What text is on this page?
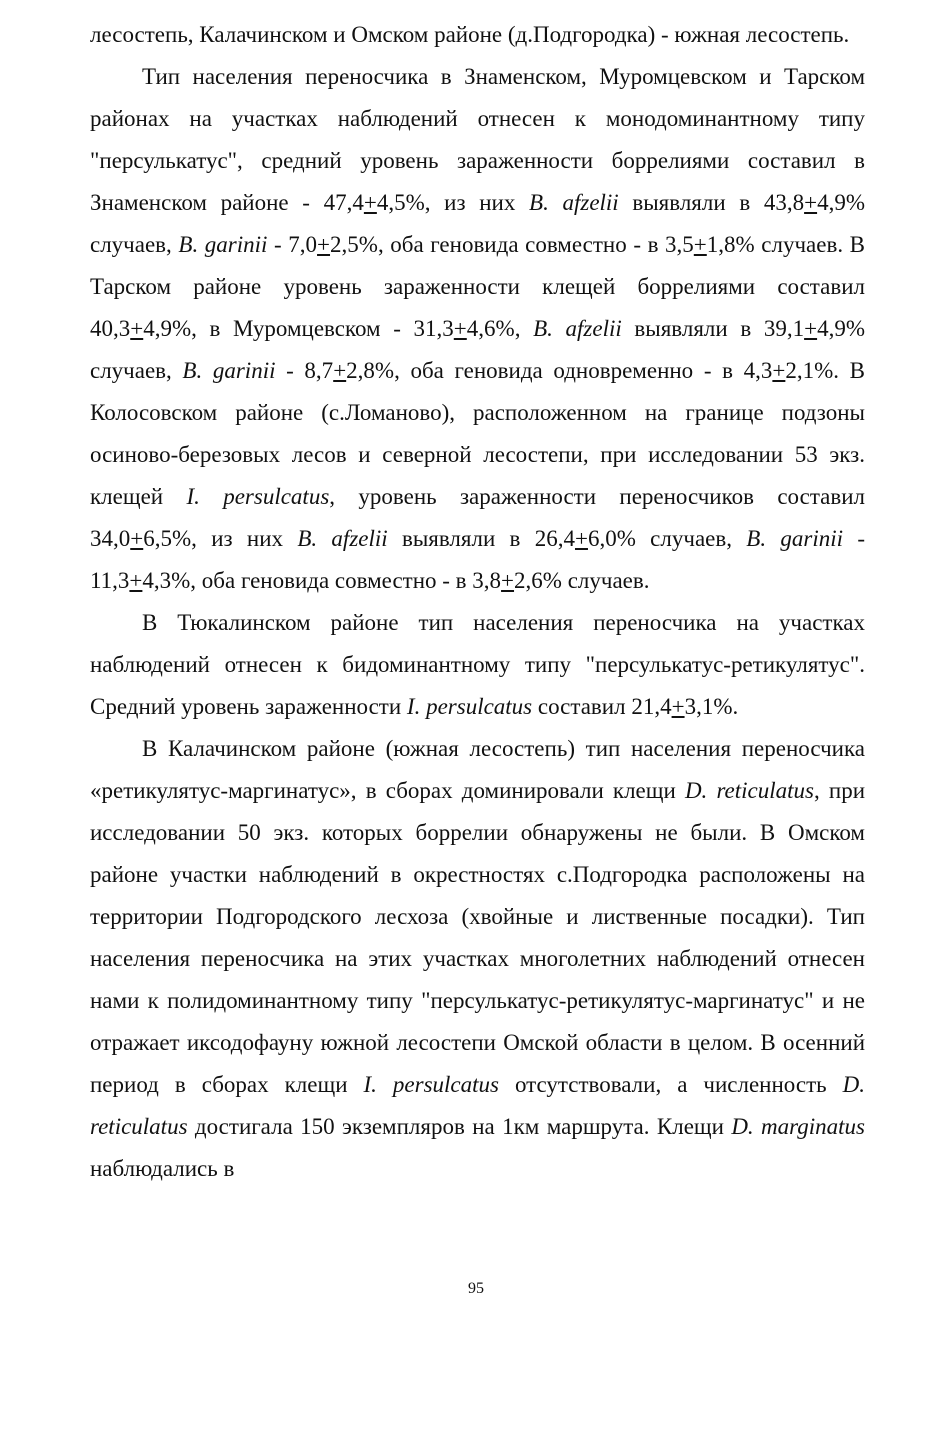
лесостепь, Калачинском и Омском районе (д.Подгородка) - южная лесостепь.

Тип населения переносчика в Знаменском, Муромцевском и Тарском районах на участках наблюдений отнесен к монодоминантному типу "персулькатус", средний уровень зараженности боррелиями составил в Знаменском районе - 47,4+4,5%, из них B. afzelii выявляли в 43,8+4,9% случаев, B. garinii - 7,0+2,5%, оба геновида совместно - в 3,5+1,8% случаев. В Тарском районе уровень зараженности клещей боррелиями составил 40,3+4,9%, в Муромцевском - 31,3+4,6%, B. afzelii выявляли в 39,1+4,9% случаев, B. garinii - 8,7+2,8%, оба геновида одновременно - в 4,3+2,1%. В Колосовском районе (с.Ломаново), расположенном на границе подзоны осиново-березовых лесов и северной лесостепи, при исследовании 53 экз. клещей I. persulcatus, уровень зараженности переносчиков составил 34,0+6,5%, из них B. afzelii выявляли в 26,4+6,0% случаев, B. garinii - 11,3+4,3%, оба геновида совместно - в 3,8+2,6% случаев.

В Тюкалинском районе тип населения переносчика на участках наблюдений отнесен к бидоминантному типу "персулькатус-ретикулятус". Средний уровень зараженности I. persulcatus составил 21,4+3,1%.

В Калачинском районе (южная лесостепь) тип населения переносчика «ретикулятус-маргинатус», в сборах доминировали клещи D. reticulatus, при исследовании 50 экз. которых боррелии обнаружены не были. В Омском районе участки наблюдений в окрестностях с.Подгородка расположены на территории Подгородского лесхоза (хвойные и лиственные посадки). Тип населения переносчика на этих участках многолетних наблюдений отнесен нами к полидоминантному типу "персулькатус-ретикулятус-маргинатус" и не отражает иксодофауну южной лесостепи Омской области в целом. В осенний период в сборах клещи I. persulcatus отсутствовали, а численность D. reticulatus достигала 150 экземпляров на 1км маршрута. Клещи D. marginatus наблюдались в

95
